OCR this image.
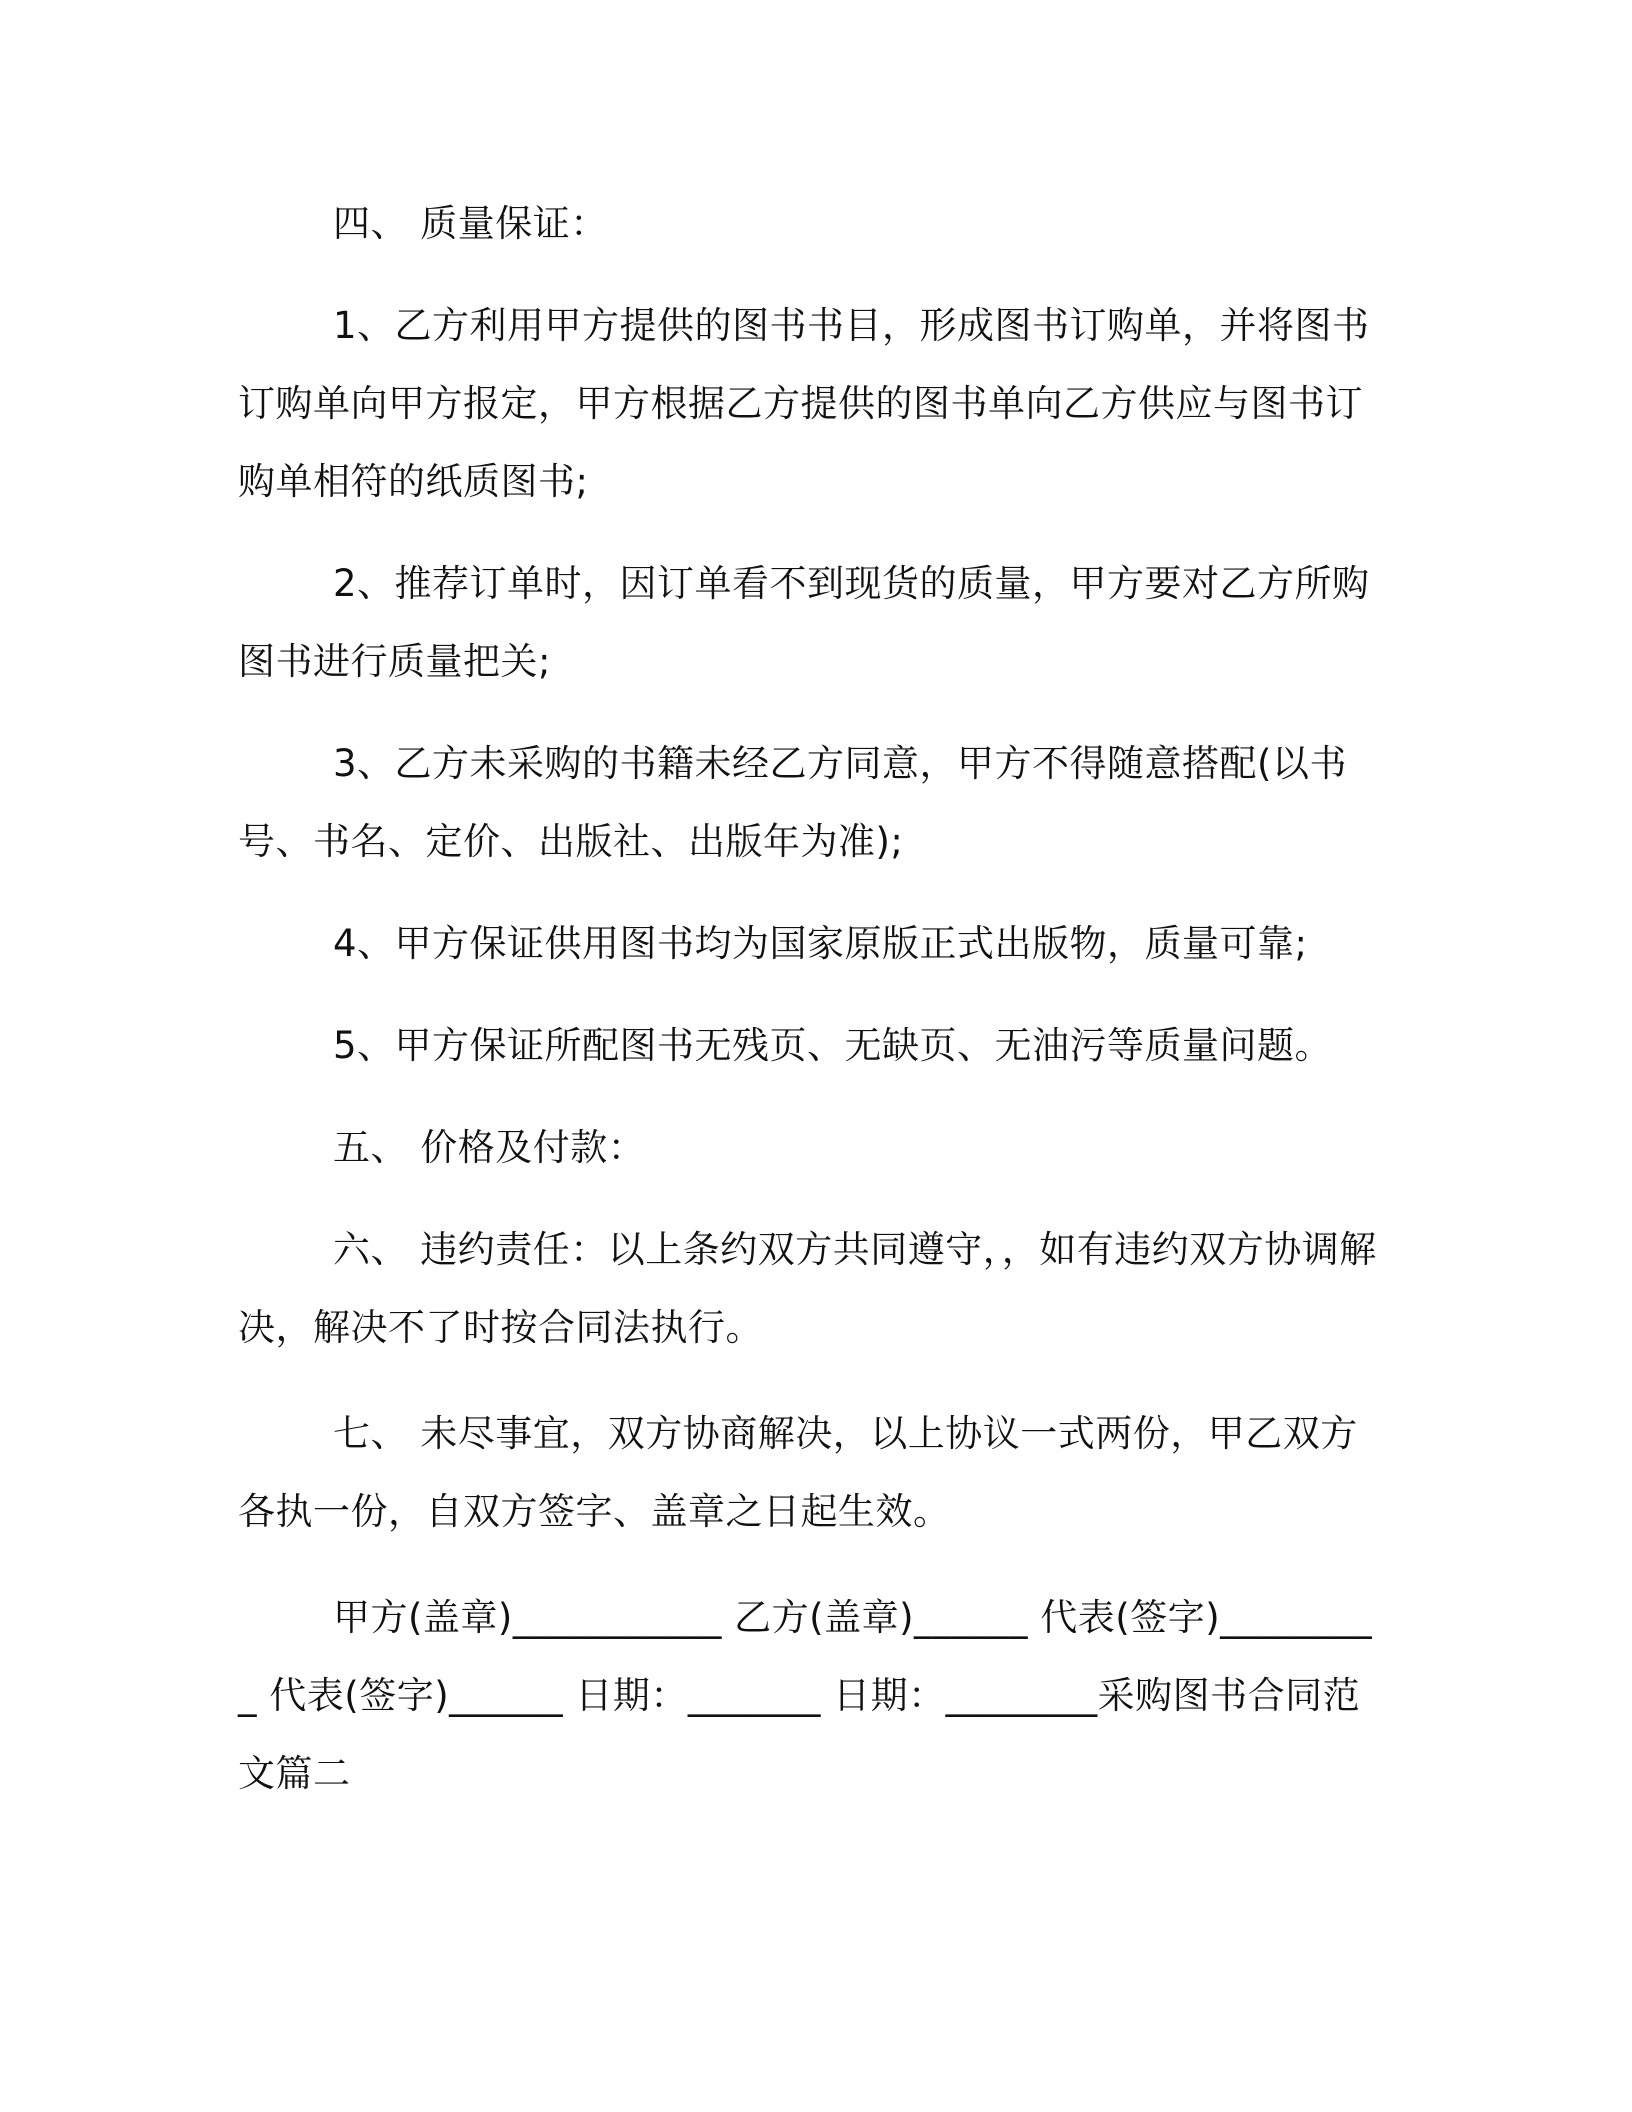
四、 质量保证：

1、乙方利用甲方提供的图书书目，形成图书订购单，并将图书订购单向甲方报定，甲方根据乙方提供的图书单向乙方供应与图书订购单相符的纸质图书;

2、推荐订单时，因订单看不到现货的质量，甲方要对乙方所购图书进行质量把关;

3、乙方未采购的书籍未经乙方同意，甲方不得随意搭配(以书号、书名、定价、出版社、出版年为准);

4、甲方保证供用图书均为国家原版正式出版物，质量可靠;

5、甲方保证所配图书无残页、无缺页、无油污等质量问题。

五、 价格及付款：

六、 违约责任：以上条约双方共同遵守，，如有违约双方协调解决，解决不了时按合同法执行。

七、 未尽事宜，双方协商解决，以上协议一式两份，甲乙双方各执一份，自双方签字、盖章之日起生效。

甲方(盖章)___________ 乙方(盖章)______ 代表(签字)_________ 代表(签字)______ 日期：_______ 日期：________采购图书合同范文篇二
